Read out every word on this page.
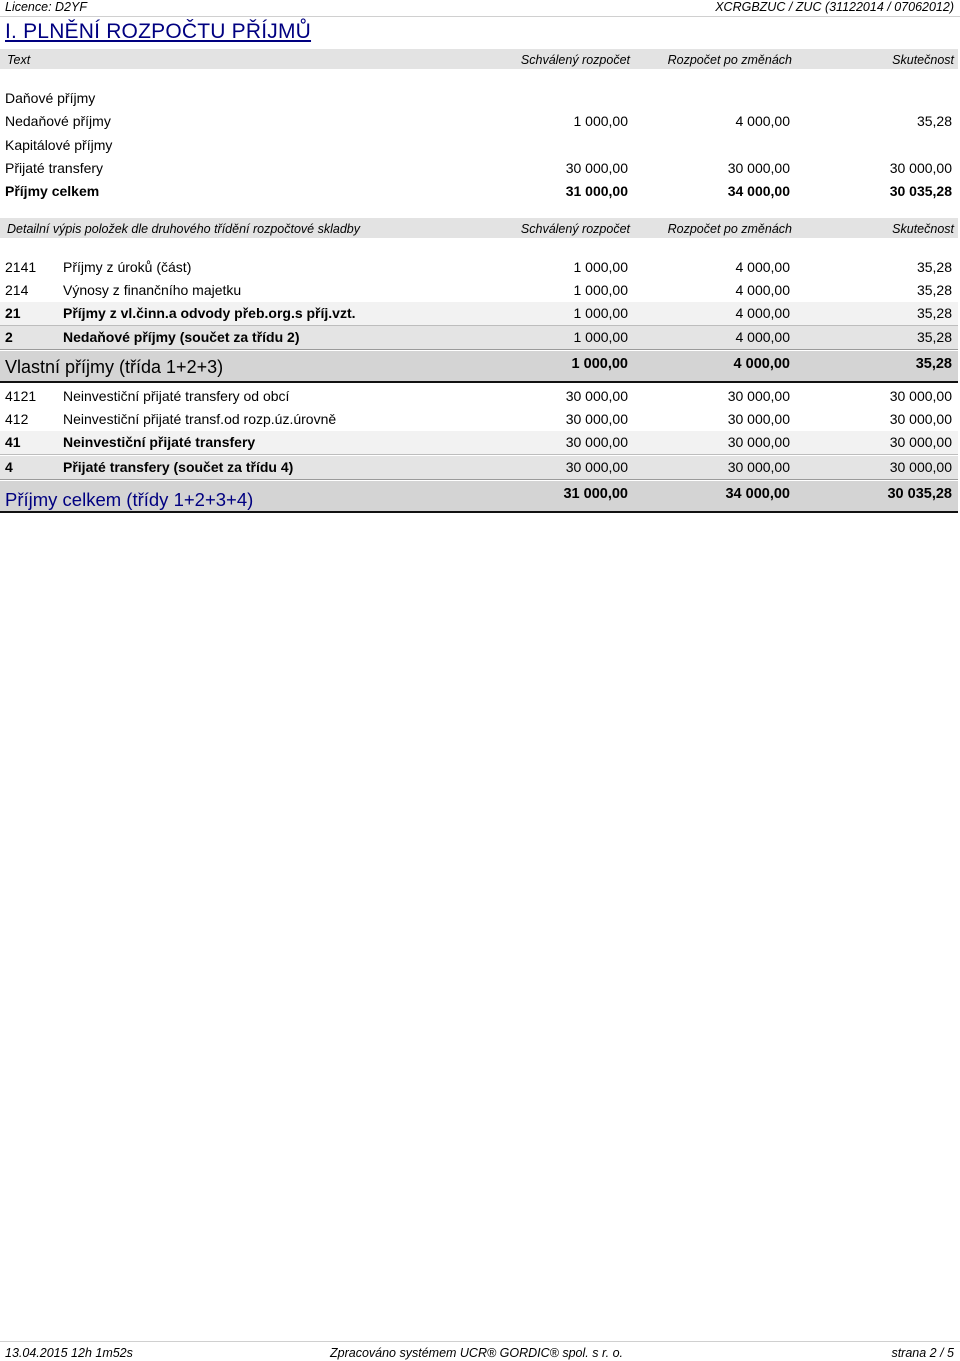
Licence: D2YF	XCRGBZUC / ZUC (31122014 / 07062012)
I. PLNĚNÍ ROZPOČTU PŘÍJMŮ
Text	Schválený rozpočet	Rozpočet po změnách	Skutečnost
Daňové příjmy
Nedaňové příjmy	1 000,00	4 000,00	35,28
Kapitálové příjmy
Přijaté transfery	30 000,00	30 000,00	30 000,00
Příjmy celkem	31 000,00	34 000,00	30 035,28
Detailní výpis položek dle druhového třídění rozpočtové skladby	Schválený rozpočet	Rozpočet po změnách	Skutečnost
2141 Příjmy z úroků (část)	1 000,00	4 000,00	35,28
214 Výnosy z finančního majetku	1 000,00	4 000,00	35,28
21	Příjmy z vl.činn.a odvody přeb.org.s příj.vzt.	1 000,00	4 000,00	35,28
2	Nedaňové příjmy (součet za třídu 2)	1 000,00	4 000,00	35,28
Vlastní příjmy (třída 1+2+3)	1 000,00	4 000,00	35,28
4121 Neinvestiční přijaté transfery od obcí	30 000,00	30 000,00	30 000,00
412 Neinvestiční přijaté transf.od rozp.úz.úrovně	30 000,00	30 000,00	30 000,00
41	Neinvestiční přijaté transfery	30 000,00	30 000,00	30 000,00
4	Přijaté transfery (součet za třídu 4)	30 000,00	30 000,00	30 000,00
Příjmy celkem (třídy 1+2+3+4)	31 000,00	34 000,00	30 035,28
13.04.2015 12h 1m52s	Zpracováno systémem UCR® GORDIC® spol. s r. o.	strana 2 / 5
